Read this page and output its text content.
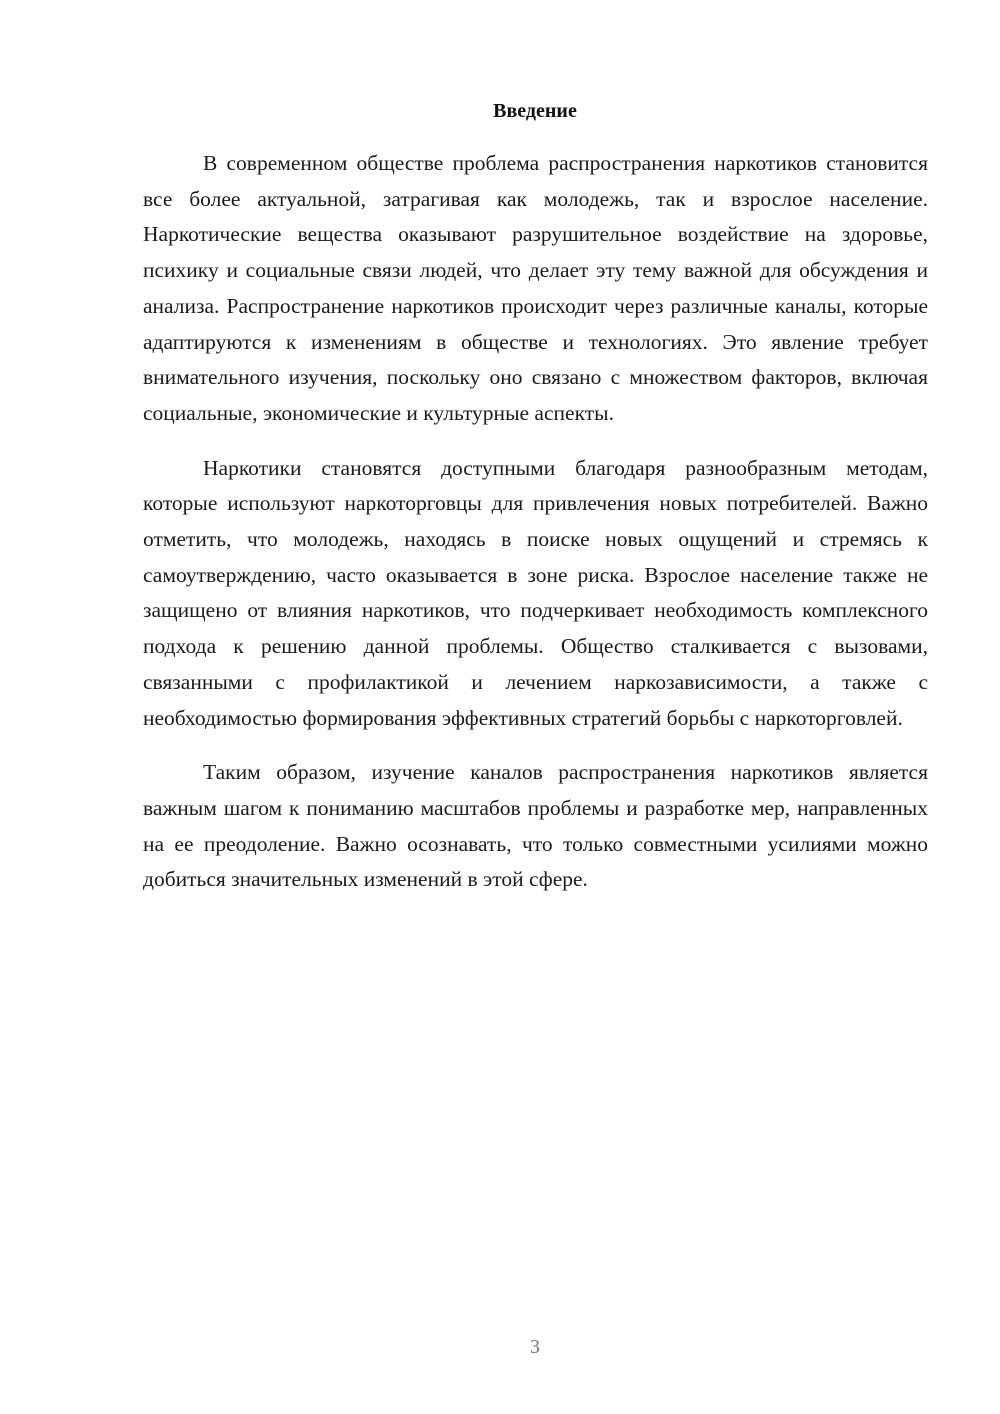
Введение

В современном обществе проблема распространения наркотиков становится все более актуальной, затрагивая как молодежь, так и взрослое население. Наркотические вещества оказывают разрушительное воздействие на здоровье, психику и социальные связи людей, что делает эту тему важной для обсуждения и анализа. Распространение наркотиков происходит через различные каналы, которые адаптируются к изменениям в обществе и технологиях. Это явление требует внимательного изучения, поскольку оно связано с множеством факторов, включая социальные, экономические и культурные аспекты.

Наркотики становятся доступными благодаря разнообразным методам, которые используют наркоторговцы для привлечения новых потребителей. Важно отметить, что молодежь, находясь в поиске новых ощущений и стремясь к самоутверждению, часто оказывается в зоне риска. Взрослое население также не защищено от влияния наркотиков, что подчеркивает необходимость комплексного подхода к решению данной проблемы. Общество сталкивается с вызовами, связанными с профилактикой и лечением наркозависимости, а также с необходимостью формирования эффективных стратегий борьбы с наркоторговлей.

Таким образом, изучение каналов распространения наркотиков является важным шагом к пониманию масштабов проблемы и разработке мер, направленных на ее преодоление. Важно осознавать, что только совместными усилиями можно добиться значительных изменений в этой сфере.

3
